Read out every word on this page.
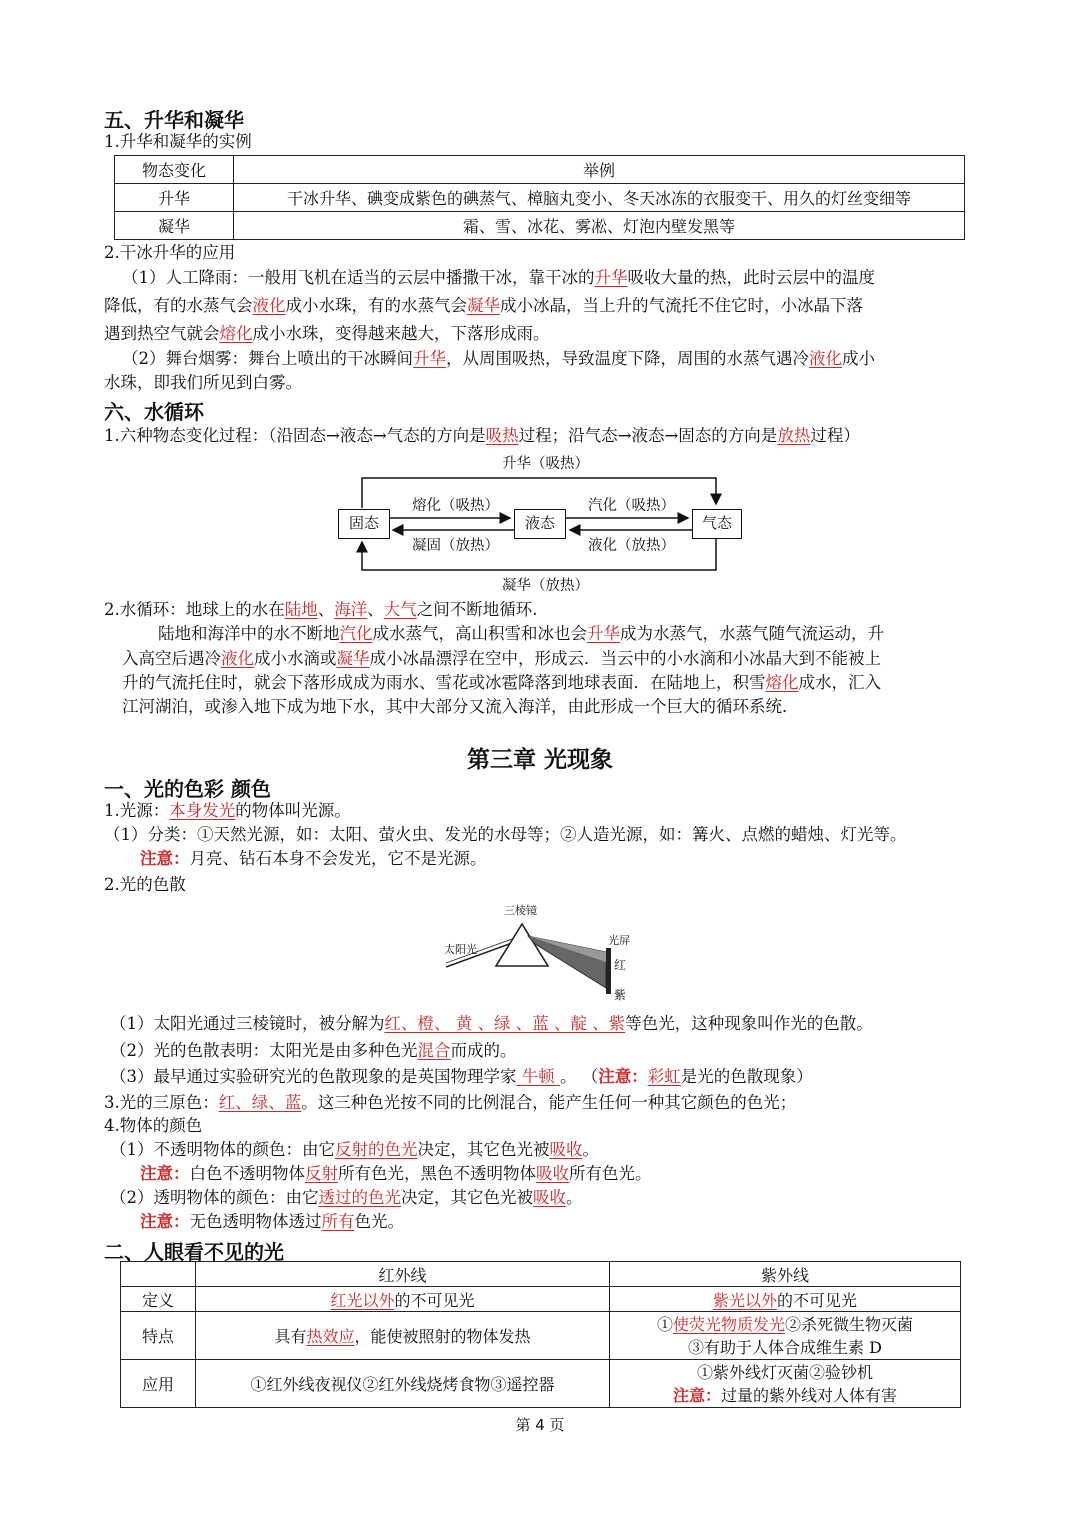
五、升华和凝华
1.升华和凝华的实例
物态变化	举例
升华	干冰升华、碘变成紫色的碘蒸气、樟脑丸变小、冬天冰冻的衣服变干、用久的灯丝变细等
凝华	霜、雪、冰花、雾凇、灯泡内壁发黑等
2.干冰升华的应用
（1）人工降雨：一般用飞机在适当的云层中播撒干冰，靠干冰的升华吸收大量的热，此时云层中的温度
降低，有的水蒸气会液化成小水珠，有的水蒸气会凝华成小冰晶，当上升的气流托不住它时，小冰晶下落
遇到热空气就会熔化成小水珠，变得越来越大，下落形成雨。
（2）舞台烟雾：舞台上喷出的干冰瞬间升华，从周围吸热，导致温度下降，周围的水蒸气遇冷液化成小
水珠，即我们所见到白雾。
六、水循环
1.六种物态变化过程：（沿固态→液态→气态的方向是吸热过程；沿气态→液态→固态的方向是放热过程）
升华（吸热）
凝华（放热）
熔化（吸热）
凝固（放热）
汽化（吸热）
液化（放热）
固态	液态	气态
2.水循环：地球上的水在陆地、海洋、大气之间不断地循环.
陆地和海洋中的水不断地汽化成水蒸气，高山积雪和冰也会升华成为水蒸气，水蒸气随气流运动，升
入高空后遇冷液化成小水滴或凝华成小冰晶漂浮在空中，形成云．当云中的小水滴和小冰晶大到不能被上
升的气流托住时，就会下落形成成为雨水、雪花或冰雹降落到地球表面．在陆地上，积雪熔化成水，汇入
江河湖泊，或渗入地下成为地下水，其中大部分又流入海洋，由此形成一个巨大的循环系统．
第三章 光现象
一、光的色彩 颜色
1.光源：本身发光的物体叫光源。
（1）分类：①天然光源，如：太阳、萤火虫、发光的水母等；②人造光源，如：篝火、点燃的蜡烛、灯光等。
注意：月亮、钻石本身不会发光，它不是光源。
2.光的色散
三棱镜
太阳光
光屏
红
紫
（1）太阳光通过三棱镜时，被分解为红、橙、 黄 、绿 、蓝 、靛 、紫等色光，这种现象叫作光的色散。
（2）光的色散表明：太阳光是由多种色光混合而成的。
（3）最早通过实验研究光的色散现象的是英国物理学家 牛顿 。 （注意：彩虹是光的色散现象）
3.光的三原色：红、绿、蓝。这三种色光按不同的比例混合，能产生任何一种其它颜色的色光；
4.物体的颜色
（1）不透明物体的颜色：由它反射的色光决定，其它色光被吸收。
注意：白色不透明物体反射所有色光，黑色不透明物体吸收所有色光。
（2）透明物体的颜色：由它透过的色光决定，其它色光被吸收。
注意：无色透明物体透过所有色光。
二、人眼看不见的光
	红外线	紫外线
定义	红光以外的不可见光	紫光以外的不可见光
特点	具有热效应，能使被照射的物体发热	①使荧光物质发光②杀死微生物灭菌
③有助于人体合成维生素 D
应用	①红外线夜视仪②红外线烧烤食物③遥控器	①紫外线灯灭菌②验钞机
注意：过量的紫外线对人体有害
第 4 页
